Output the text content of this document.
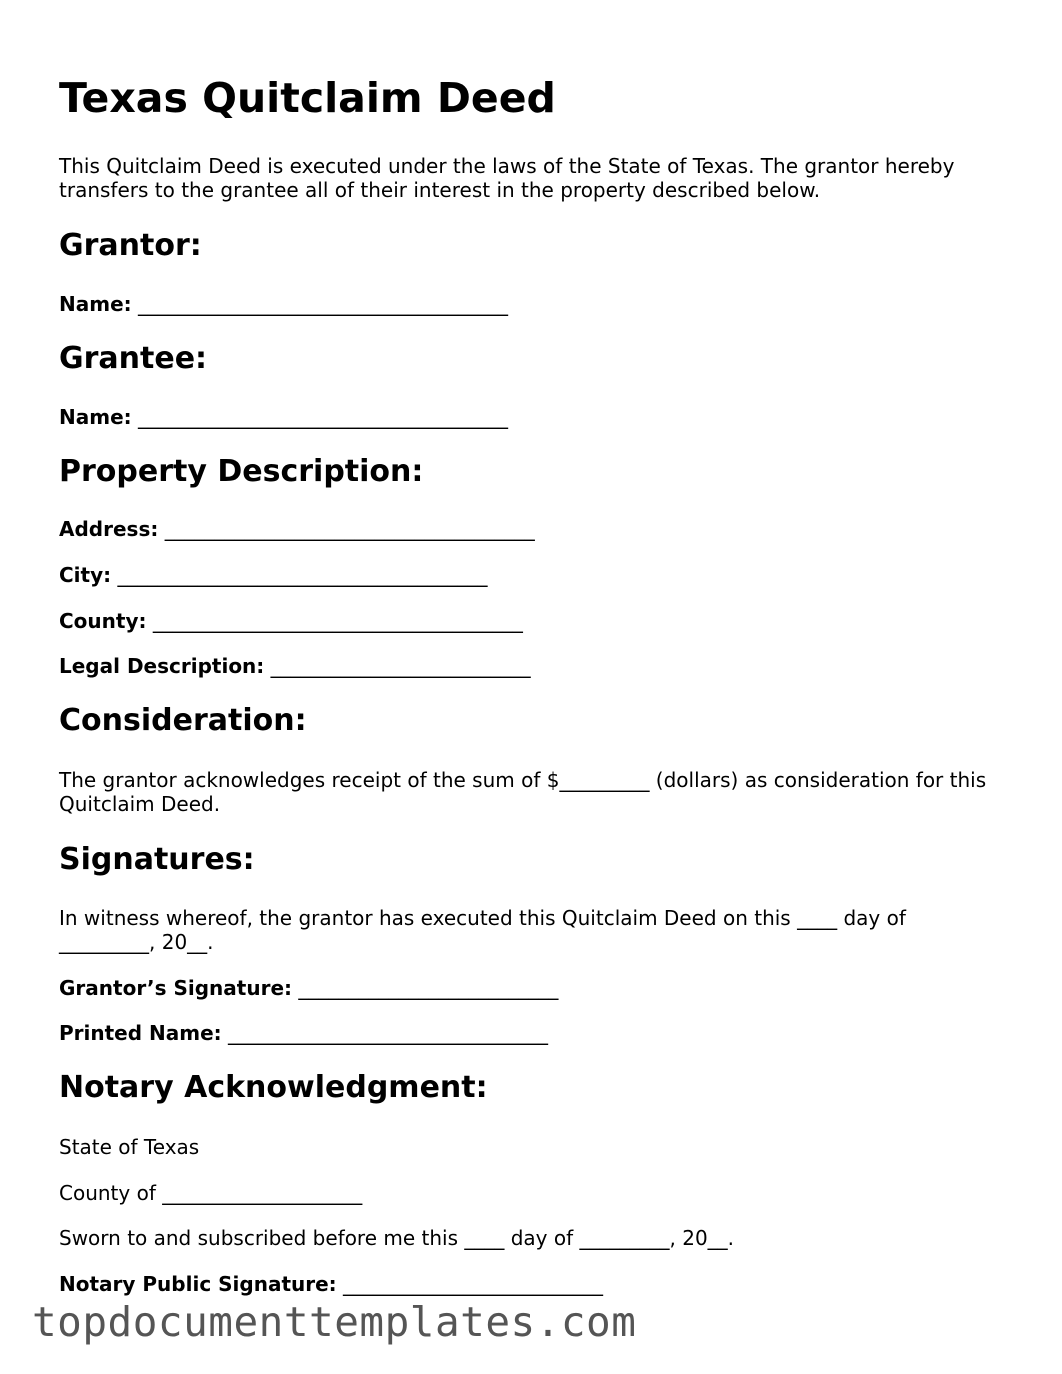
Texas Quitclaim Deed

This Quitclaim Deed is executed under the laws of the State of Texas. The grantor hereby transfers to the grantee all of their interest in the property described below.

Grantor:
Name: _____________________________________
Grantee:
Name: _____________________________________
Property Description:
Address: _____________________________________
City: _____________________________________
County: _____________________________________
Legal Description: __________________________
Consideration:

The grantor acknowledges receipt of the sum of $_________ (dollars) as consideration for this Quitclaim Deed.

Signatures:

In witness whereof, the grantor has executed this Quitclaim Deed on this ____ day of _________, 20__.

Grantor’s Signature: __________________________
Printed Name: ________________________________
Notary Acknowledgment:
State of Texas
County of ____________________
Sworn to and subscribed before me this ____ day of _________, 20__.
Notary Public Signature: __________________________
topdocumenttemplates.com
